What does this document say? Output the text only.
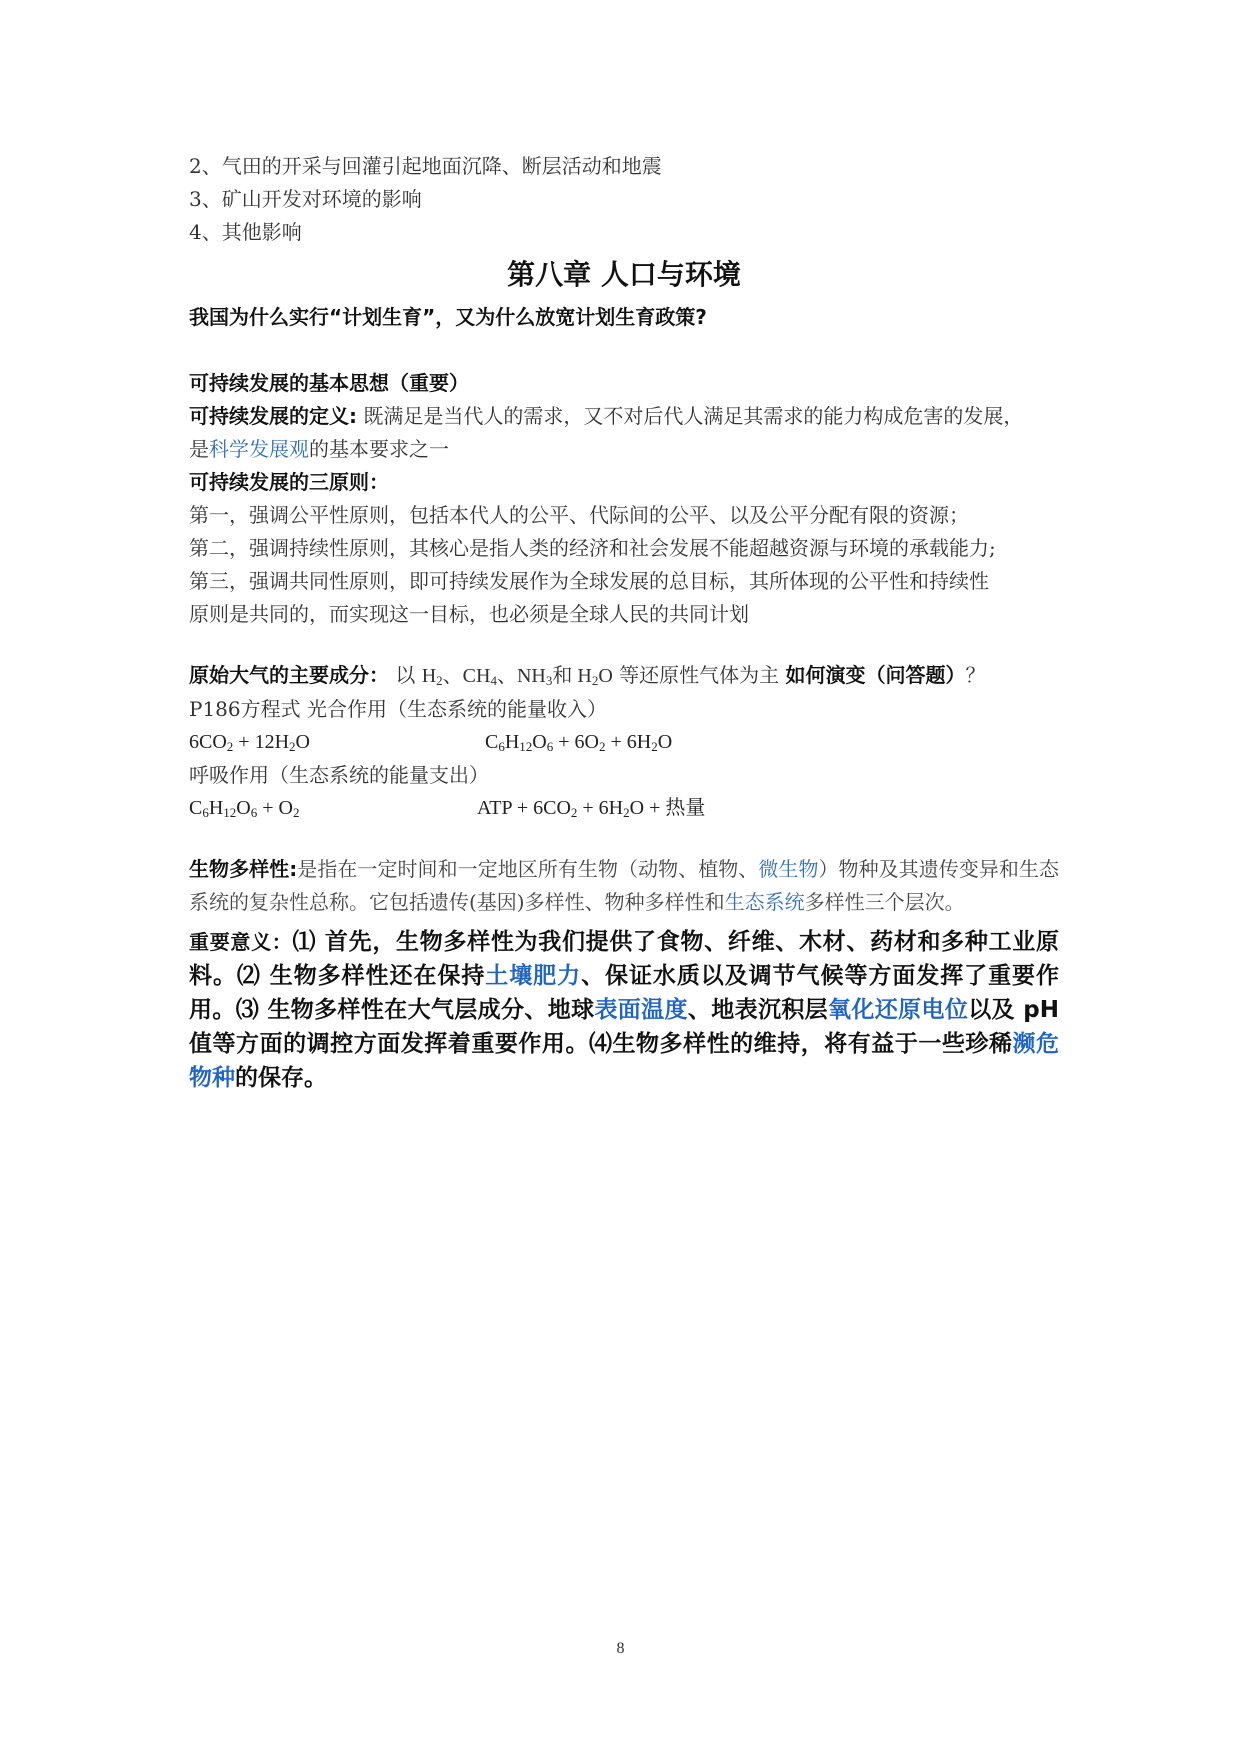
2、气田的开采与回灌引起地面沉降、断层活动和地震
3、矿山开发对环境的影响
4、其他影响
第八章 人口与环境
我国为什么实行“计划生育”，又为什么放宽计划生育政策?
可持续发展的基本思想（重要）
可持续发展的定义: 既满足是当代人的需求，又不对后代人满足其需求的能力构成危害的发展，
是科学发展观的基本要求之一
可持续发展的三原则：
第一，强调公平性原则，包括本代人的公平、代际间的公平、以及公平分配有限的资源；
第二，强调持续性原则，其核心是指人类的经济和社会发展不能超越资源与环境的承载能力;
第三，强调共同性原则，即可持续发展作为全球发展的总目标，其所体现的公平性和持续性
原则是共同的，而实现这一目标，也必须是全球人民的共同计划
原始大气的主要成分： 以 $H_2$、$CH_4$、$NH_3$和 $H_2O$ 等还原性气体为主 如何演变（问答题）？
P186方程式 光合作用（生态系统的能量收入）
$6CO_2 + 12H_2O$	$C_6H_{12}O_6 + 6O_2 + 6H_2O$
呼吸作用（生态系统的能量支出）
$C_6H_{12}O_6 + O_2$	ATP + $6CO_2 + 6H_2O$ + 热量
生物多样性:是指在一定时间和一定地区所有生物（动物、植物、微生物）物种及其遗传变异和生态系统的复杂性总称。它包括遗传(基因)多样性、物种多样性和生态系统多样性三个层次。
重要意义：⑴ 首先，生物多样性为我们提供了食物、纤维、木材、药材和多种工业原料。⑵ 生物多样性还在保持土壤肥力、保证水质以及调节气候等方面发挥了重要作用。⑶ 生物多样性在大气层成分、地球表面温度、地表沉积层氧化还原电位以及 pH 值等方面的调控方面发挥着重要作用。⑷生物多样性的维持，将有益于一些珍稀濒危物种的保存。
8
